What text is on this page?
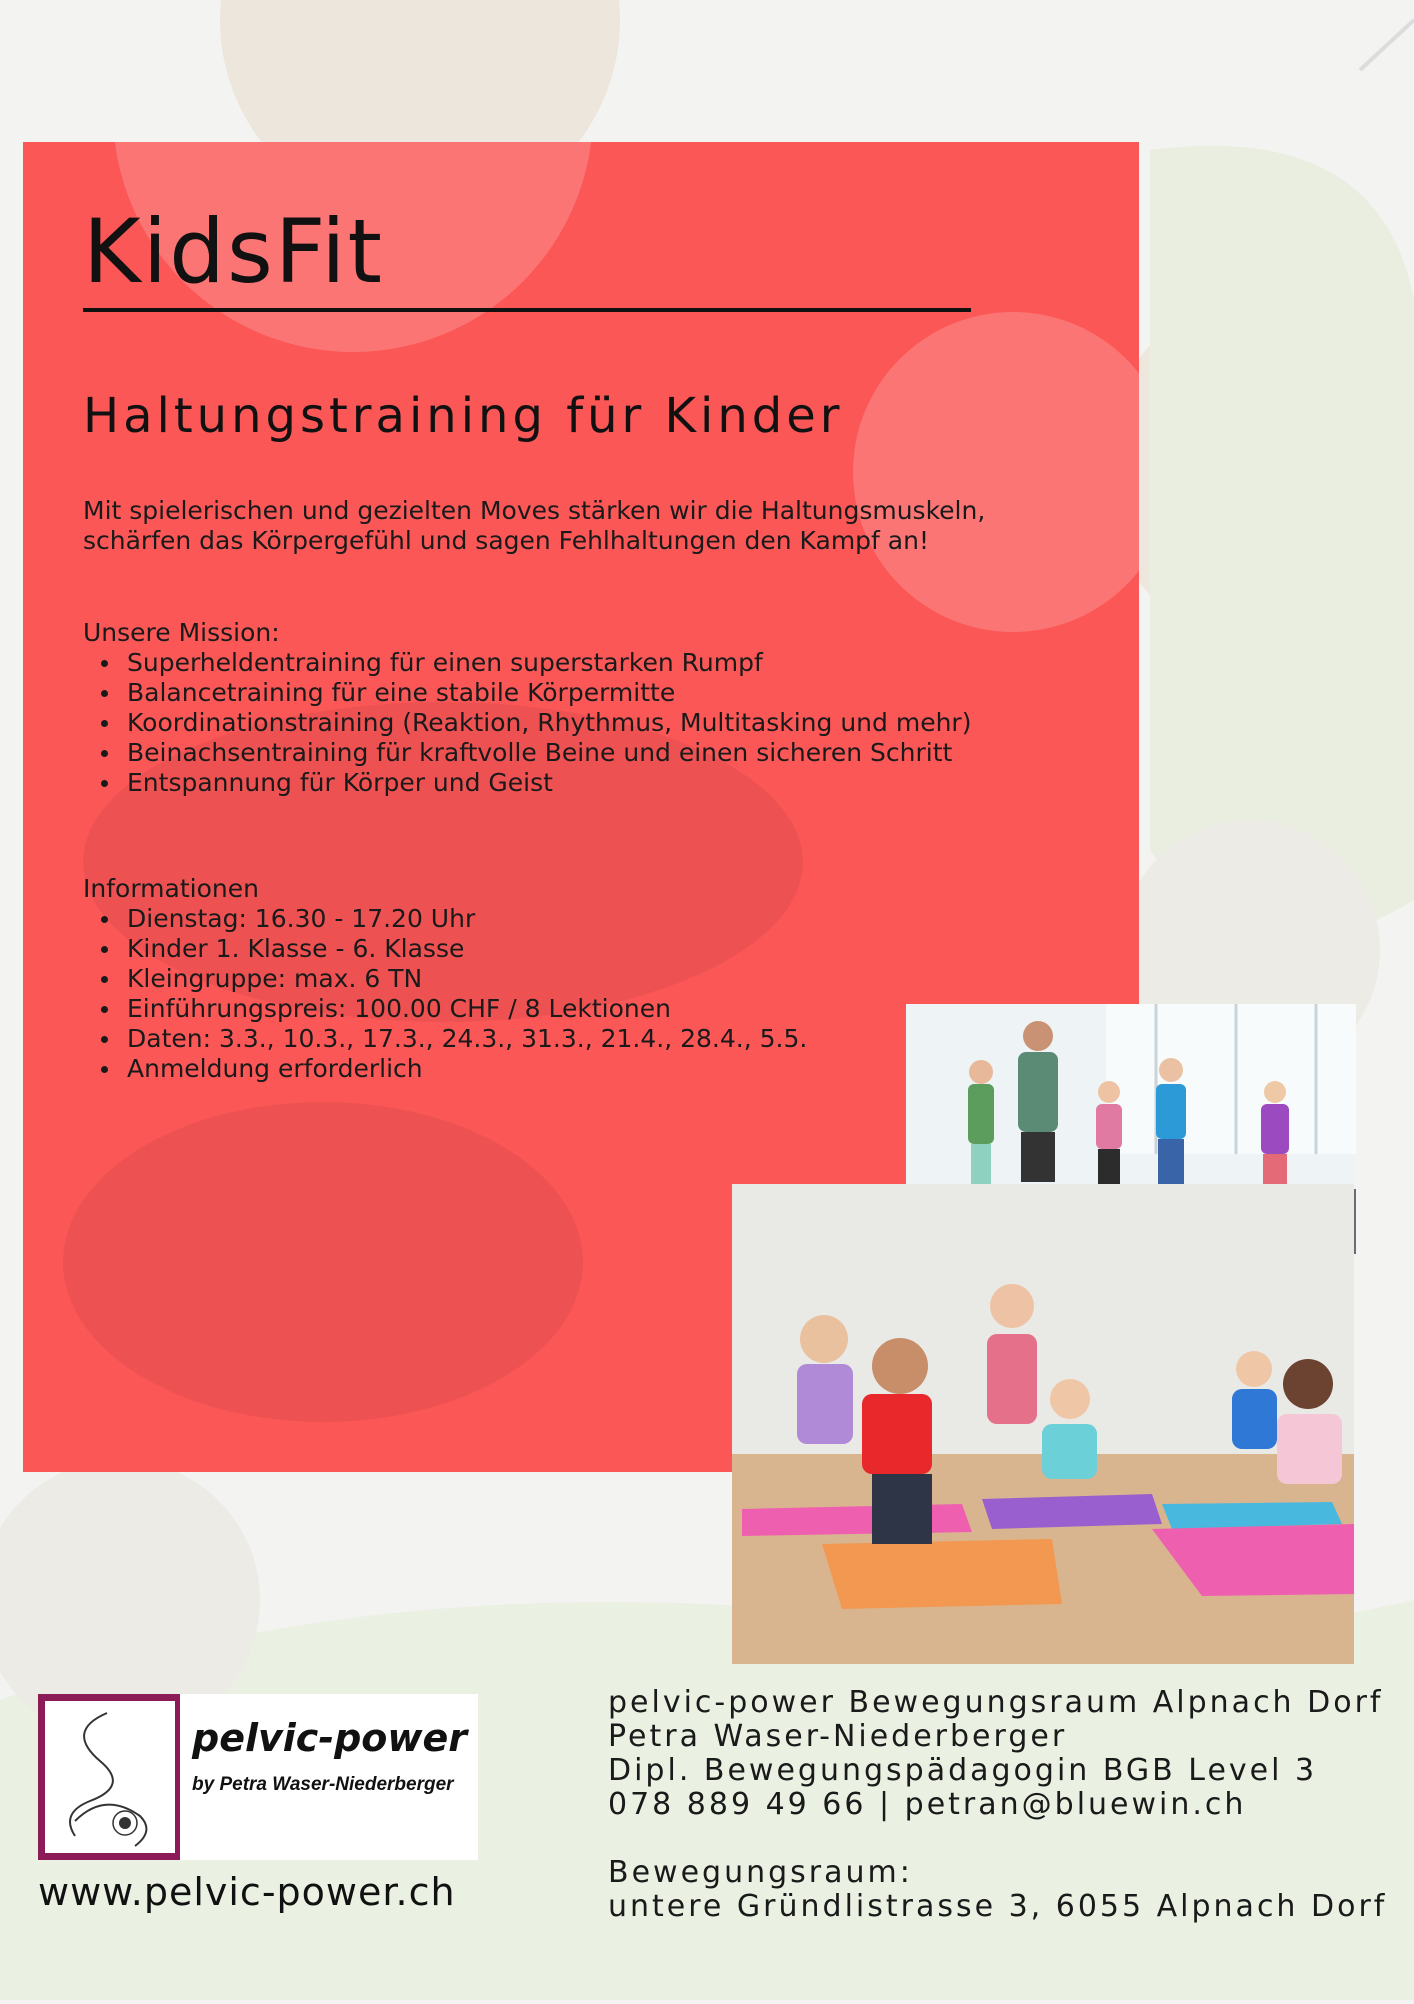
KidsFit
Haltungstraining für Kinder

Mit spielerischen und gezielten Moves stärken wir die Haltungsmuskeln, schärfen das Körpergefühl und sagen Fehlhaltungen den Kampf an!

Unsere Mission:

Superheldentraining für einen superstarken Rumpf
Balancetraining für eine stabile Körpermitte
Koordinationstraining (Reaktion, Rhythmus, Multitasking und mehr)
Beinachsentraining für kraftvolle Beine und einen sicheren Schritt
Entspannung für Körper und Geist

Informationen

Dienstag: 16.30 - 17.20 Uhr
Kinder 1. Klasse - 6. Klasse
Kleingruppe: max. 6 TN
Einführungspreis: 100.00 CHF / 8 Lektionen
Daten: 3.3., 10.3., 17.3., 24.3., 31.3., 21.4., 28.4., 5.5.
Anmeldung erforderlich
pelvic-power
by Petra Waser-Niederberger
www.pelvic-power.ch
pelvic-power Bewegungsraum Alpnach Dorf
Petra Waser-Niederberger
Dipl. Bewegungspädagogin BGB Level 3
078 889 49 66 | petran@bluewin.ch
Bewegungsraum:
untere Gründlistrasse 3, 6055 Alpnach Dorf
